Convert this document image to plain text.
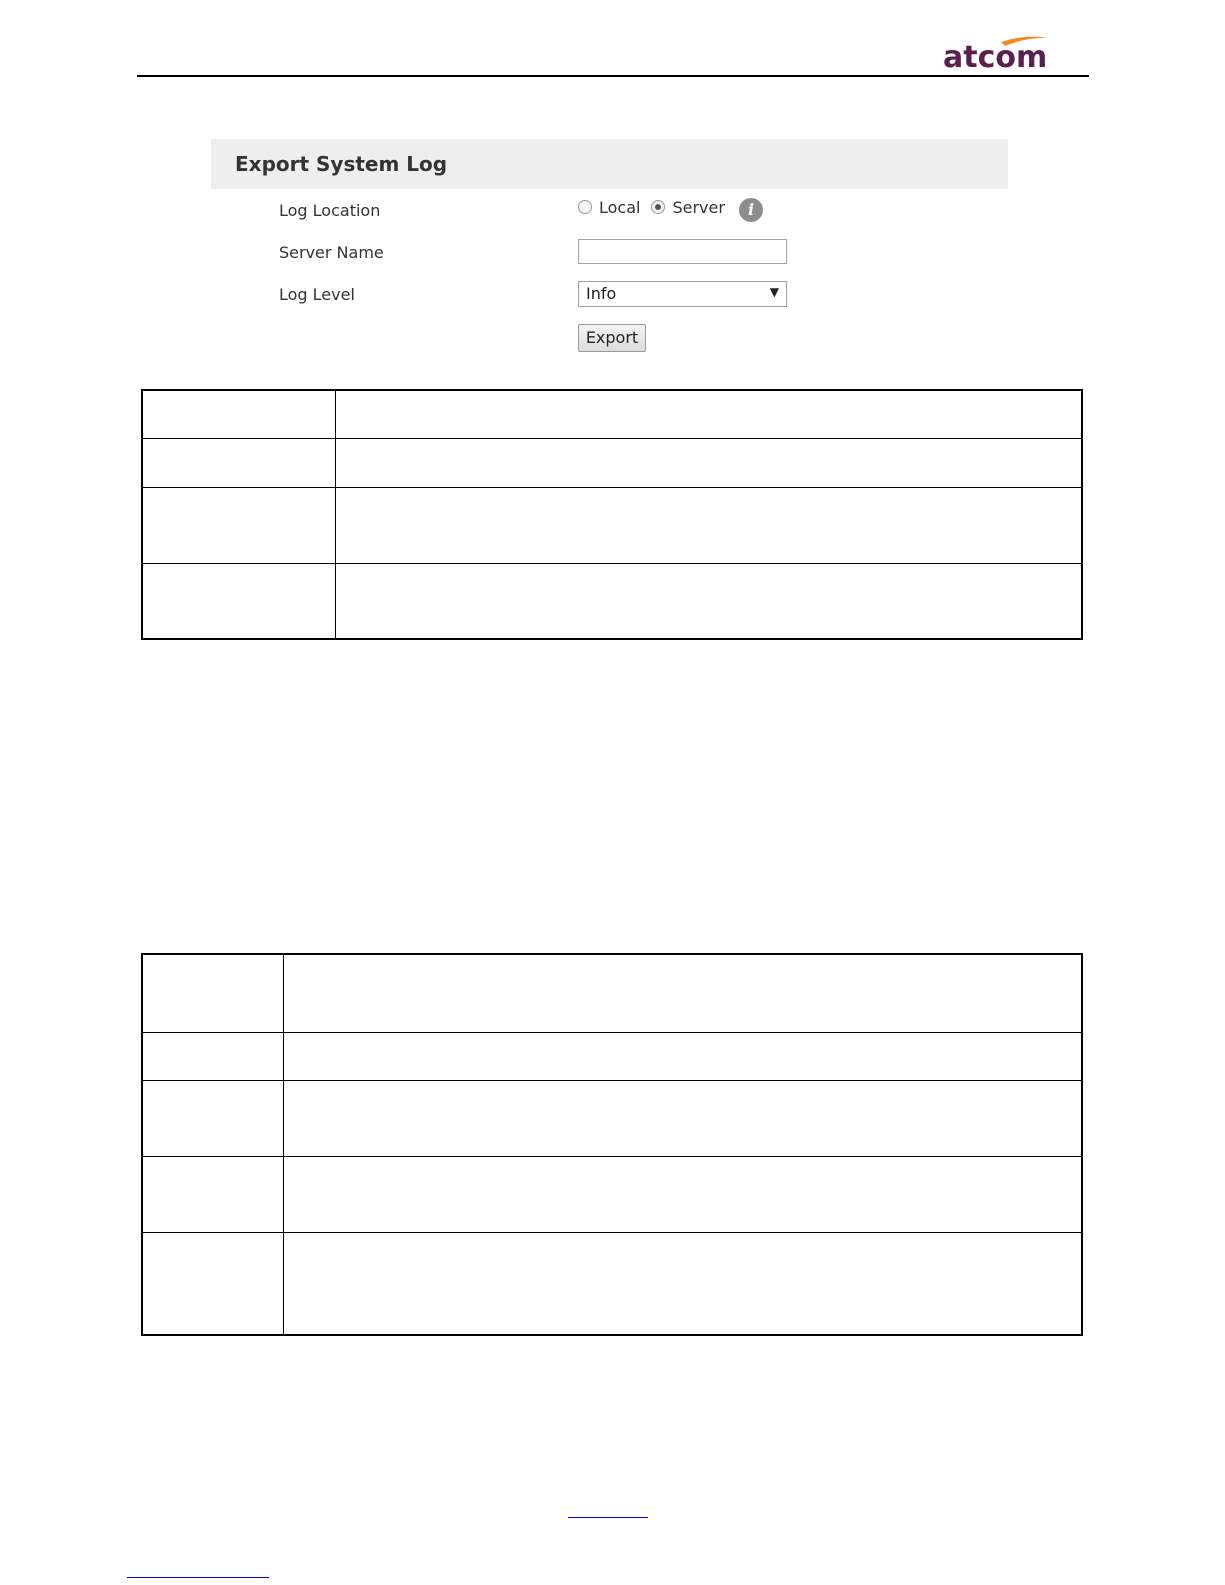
atcom
Export System Log
Log Location	Local Server	i
Server Name
Log Level	Info	▼
Export
